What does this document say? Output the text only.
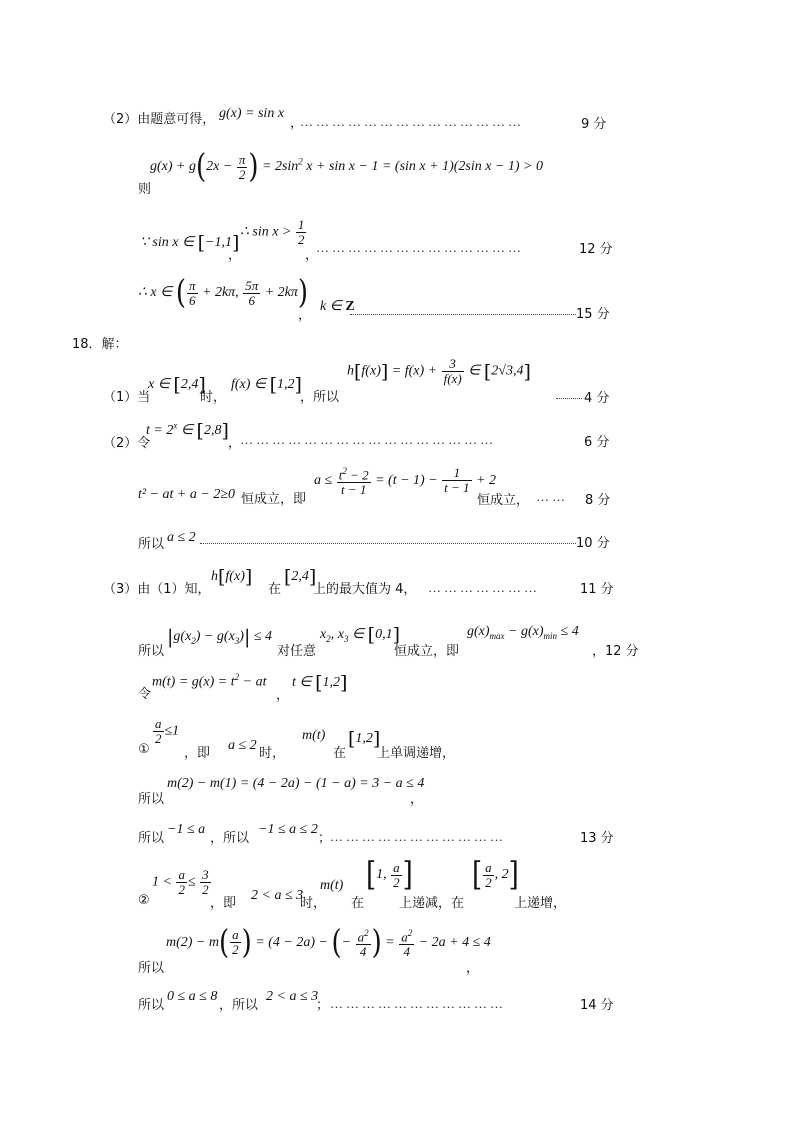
（2）由题意可得， g(x) = sin x
，
……………………………………	9 分
$g(x) + g(2x - \frac{\pi}{2}$ ) = $2\sin^2$ x + sin x − 1 = (sin x + 1)(2sin x − 1) > 0
则
∵ sin x ∈ [−1,1]
，
∴ $\sin x > \frac{1}{2}$
，
…………………………………	12 分
∴ x ∈ ( $\frac{\pi}{6} + 2k\pi$, $\frac{5\pi}{6} + 2k\pi$)
，
k ∈ Z
15 分
18．解：
（1）当
x ∈ [2,4]
时，
f(x) ∈ [1,2]
，所以
$h[f(x)] = f(x) + \frac{3}{f(x)}$ ∈ [2√3,4]
4 分
（2）令
$t = 2^x$ ∈ [2,8]
，
…………………………………………	6 分
t² − at + a − 2≥0 恒成立，即
$a \le \frac{t^2 - 2}{t - 1} = (t - 1) - \frac{1}{t - 1} + 2$
恒成立， …… 8 分
所以 a ≤ 2	10 分
（3）由（1）知，
h[f(x)]
在
[2,4]
上的最大值为 4， …………………	11 分
所以
$|g(x_2) - g(x_3)| \le 4$
对任意
$x_2$, $x_3$ ∈ [0,1]
恒成立，即
$g(x)_{max} - g(x)_{min} \le 4$
，12 分
令
$m(t) = g(x) = t^2$ − at
，
t ∈ [1,2]
①
$\frac{a}{2} \le 1$
，即
a ≤ 2
时，
m(t)
在
[1,2]
上单调递增，
所以
m(2) − m(1) = (4 − 2a) − (1 − a) = 3 − a ≤ 4
，
所以
−1 ≤ a
，所以
−1 ≤ a ≤ 2
；
……………………………	13 分
②
$1 < \frac{a}{2} \le \frac{3}{2}$
，即
2 < a ≤ 3
时，
m(t)
在
[1, $\frac{a}{2}$ ]
上递减，在
[ $\frac{a}{2}$ , 2]
上递增，
$m(2) - m( \frac{a}{2}$ ) = (4 − 2a) − (− $\frac{a^2}{4}$ ) = $\frac{a^2}{4} - 2a + 4 \le 4$
所以	，
所以
0 ≤ a ≤ 8
，所以
2 < a ≤ 3
； ……………………………	14 分
